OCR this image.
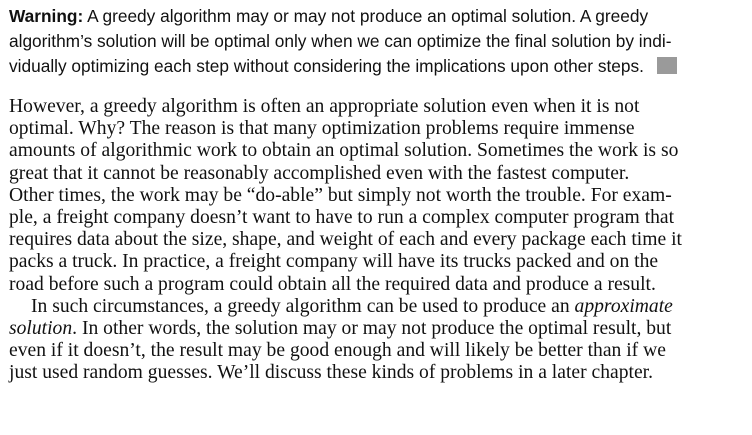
Warning: A greedy algorithm may or may not produce an optimal solution. A greedy
algorithm’s solution will be optimal only when we can optimize the final solution by indi-
vidually optimizing each step without considering the implications upon other steps.
However, a greedy algorithm is often an appropriate solution even when it is not
optimal. Why? The reason is that many optimization problems require immense
amounts of algorithmic work to obtain an optimal solution. Sometimes the work is so
great that it cannot be reasonably accomplished even with the fastest computer.
Other times, the work may be “do-able” but simply not worth the trouble. For exam-
ple, a freight company doesn’t want to have to run a complex computer program that
requires data about the size, shape, and weight of each and every package each time it
packs a truck. In practice, a freight company will have its trucks packed and on the
road before such a program could obtain all the required data and produce a result.
In such circumstances, a greedy algorithm can be used to produce an approximate
solution. In other words, the solution may or may not produce the optimal result, but
even if it doesn’t, the result may be good enough and will likely be better than if we
just used random guesses. We’ll discuss these kinds of problems in a later chapter.
